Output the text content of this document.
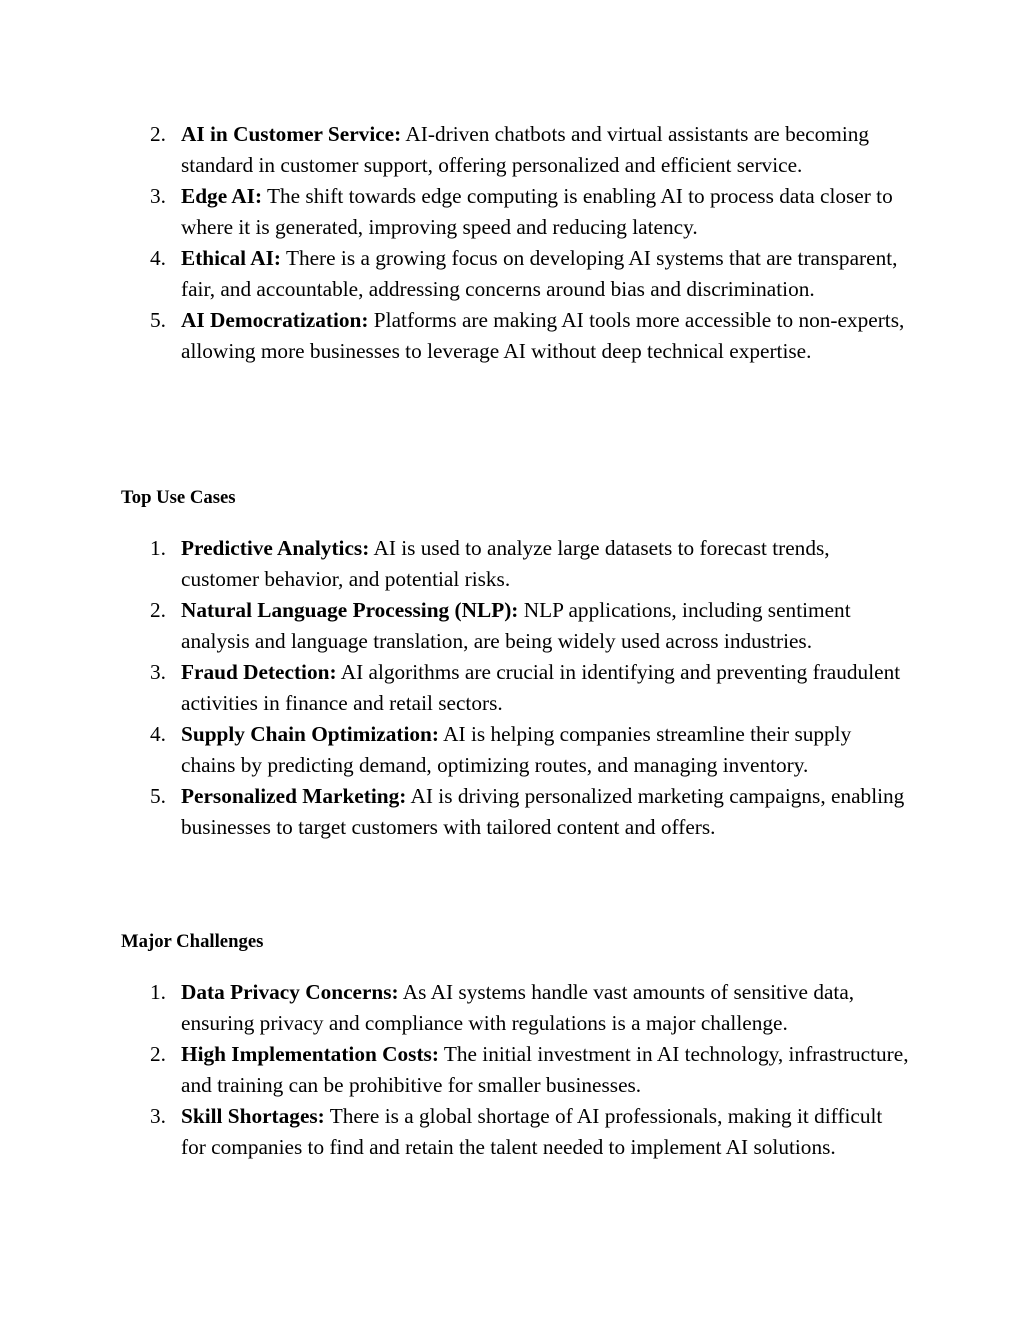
2. AI in Customer Service: AI-driven chatbots and virtual assistants are becoming standard in customer support, offering personalized and efficient service.
3. Edge AI: The shift towards edge computing is enabling AI to process data closer to where it is generated, improving speed and reducing latency.
4. Ethical AI: There is a growing focus on developing AI systems that are transparent, fair, and accountable, addressing concerns around bias and discrimination.
5. AI Democratization: Platforms are making AI tools more accessible to non-experts, allowing more businesses to leverage AI without deep technical expertise.
Top Use Cases
1. Predictive Analytics: AI is used to analyze large datasets to forecast trends, customer behavior, and potential risks.
2. Natural Language Processing (NLP): NLP applications, including sentiment analysis and language translation, are being widely used across industries.
3. Fraud Detection: AI algorithms are crucial in identifying and preventing fraudulent activities in finance and retail sectors.
4. Supply Chain Optimization: AI is helping companies streamline their supply chains by predicting demand, optimizing routes, and managing inventory.
5. Personalized Marketing: AI is driving personalized marketing campaigns, enabling businesses to target customers with tailored content and offers.
Major Challenges
1. Data Privacy Concerns: As AI systems handle vast amounts of sensitive data, ensuring privacy and compliance with regulations is a major challenge.
2. High Implementation Costs: The initial investment in AI technology, infrastructure, and training can be prohibitive for smaller businesses.
3. Skill Shortages: There is a global shortage of AI professionals, making it difficult for companies to find and retain the talent needed to implement AI solutions.
